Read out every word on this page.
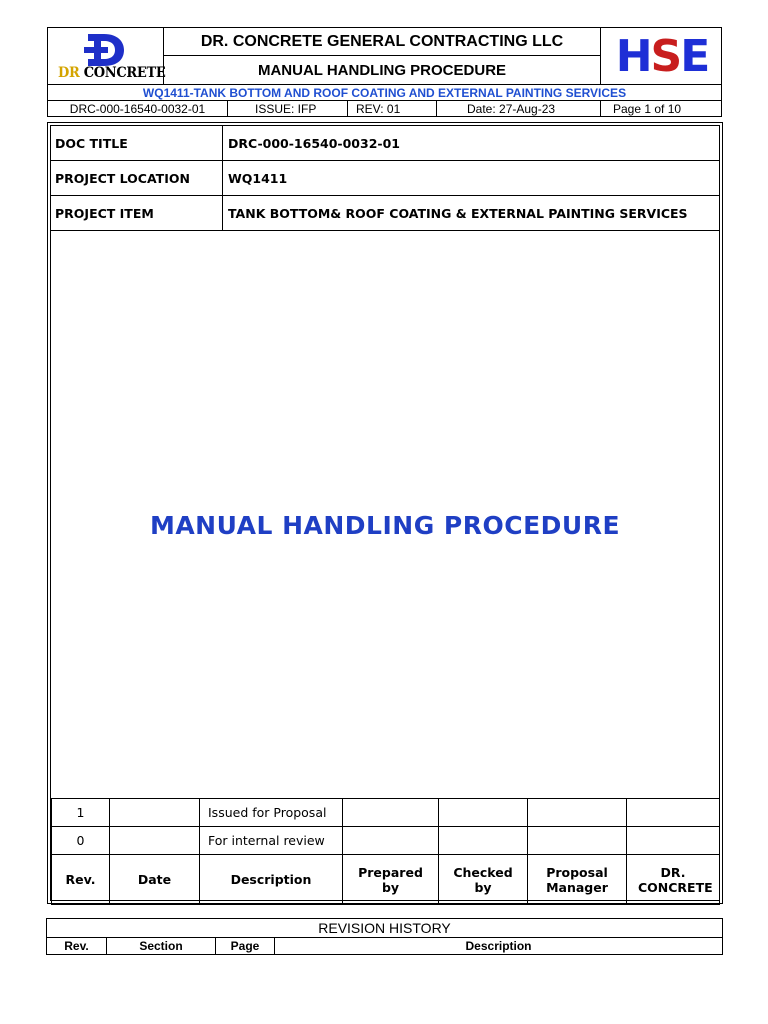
DR CONCRETE
DR. CONCRETE GENERAL CONTRACTING LLC
MANUAL HANDLING PROCEDURE	H S E
WQ1411-TANK BOTTOM AND ROOF COATING AND EXTERNAL PAINTING SERVICES
DRC-000-16540-0032-01	ISSUE: IFP	REV: 01	Date: 27-Aug-23	Page 1 of 10
DOC TITLE	DRC-000-16540-0032-01
PROJECT LOCATION	WQ1411
PROJECT ITEM	TANK BOTTOM& ROOF COATING & EXTERNAL PAINTING SERVICES
MANUAL HANDLING PROCEDURE
1		Issued for Proposal				
0		For internal review				
Rev.	Date	Description	Prepared by	Checked by	Proposal Manager	DR. CONCRETE
REVISION HISTORY
Rev.	Section	Page	Description
